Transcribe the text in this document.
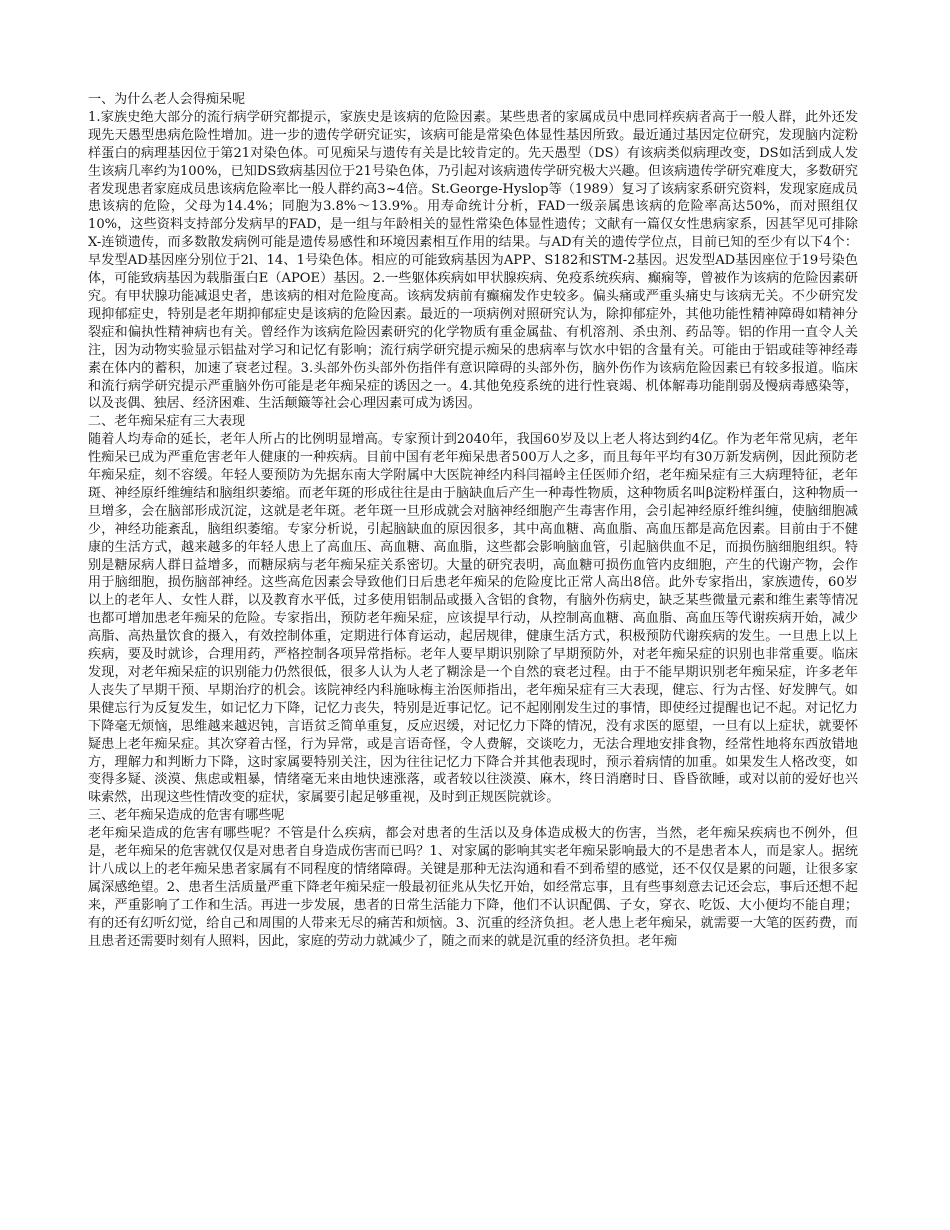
一、为什么老人会得痴呆呢

1.家族史绝大部分的流行病学研究都提示，家族史是该病的危险因素。某些患者的家属成员中患同样疾病者高于一般人群，此外还发现先天愚型患病危险性增加。进一步的遗传学研究证实，该病可能是常染色体显性基因所致。最近通过基因定位研究，发现脑内淀粉样蛋白的病理基因位于第21对染色体。可见痴呆与遗传有关是比较肯定的。先天愚型（DS）有该病类似病理改变，DS如活到成人发生该病几率约为100%，已知DS致病基因位于21号染色体，乃引起对该病遗传学研究极大兴趣。但该病遗传学研究难度大，多数研究者发现患者家庭成员患该病危险率比一般人群约高3~4倍。St.George-Hyslop等（1989）复习了该病家系研究资料，发现家庭成员患该病的危险，父母为14.4%；同胞为3.8%～13.9%。用寿命统计分析，FAD一级亲属患该病的危险率高达50%，而对照组仅10%，这些资料支持部分发病早的FAD，是一组与年龄相关的显性常染色体显性遗传；文献有一篇仅女性患病家系，因甚罕见可排除X-连锁遗传，而多数散发病例可能是遗传易感性和环境因素相互作用的结果。与AD有关的遗传学位点，目前已知的至少有以下4个：早发型AD基因座分别位于2l、14、1号染色体。相应的可能致病基因为APP、S182和STM-2基因。迟发型AD基因座位于19号染色体，可能致病基因为载脂蛋白E（APOE）基因。2.一些躯体疾病如甲状腺疾病、免疫系统疾病、癫痫等，曾被作为该病的危险因素研究。有甲状腺功能减退史者，患该病的相对危险度高。该病发病前有癫痫发作史较多。偏头痛或严重头痛史与该病无关。不少研究发现抑郁症史，特别是老年期抑郁症史是该病的危险因素。最近的一项病例对照研究认为，除抑郁症外，其他功能性精神障碍如精神分裂症和偏执性精神病也有关。曾经作为该病危险因素研究的化学物质有重金属盐、有机溶剂、杀虫剂、药品等。铝的作用一直令人关注，因为动物实验显示铝盐对学习和记忆有影响；流行病学研究提示痴呆的患病率与饮水中铝的含量有关。可能由于铝或硅等神经毒素在体内的蓄积，加速了衰老过程。3.头部外伤头部外伤指伴有意识障碍的头部外伤，脑外伤作为该病危险因素已有较多报道。临床和流行病学研究提示严重脑外伤可能是老年痴呆症的诱因之一。4.其他免疫系统的进行性衰竭、机体解毒功能削弱及慢病毒感染等，以及丧偶、独居、经济困难、生活颠簸等社会心理因素可成为诱因。

二、老年痴呆症有三大表现

随着人均寿命的延长，老年人所占的比例明显增高。专家预计到2040年，我国60岁及以上老人将达到约4亿。作为老年常见病，老年性痴呆已成为严重危害老年人健康的一种疾病。目前中国有老年痴呆患者500万人之多，而且每年平均有30万新发病例，因此预防老年痴呆症，刻不容缓。年轻人要预防为先据东南大学附属中大医院神经内科闫福岭主任医师介绍，老年痴呆症有三大病理特征，老年斑、神经原纤维缠结和脑组织萎缩。而老年斑的形成往往是由于脑缺血后产生一种毒性物质，这种物质名叫β淀粉样蛋白，这种物质一旦增多，会在脑部形成沉淀，这就是老年斑。老年斑一旦形成就会对脑神经细胞产生毒害作用，会引起神经原纤维纠缠，使脑细胞减少，神经功能紊乱，脑组织萎缩。专家分析说，引起脑缺血的原因很多，其中高血糖、高血脂、高血压都是高危因素。目前由于不健康的生活方式，越来越多的年轻人患上了高血压、高血糖、高血脂，这些都会影响脑血管，引起脑供血不足，而损伤脑细胞组织。特别是糖尿病人群日益增多，而糖尿病与老年痴呆症关系密切。大量的研究表明，高血糖可损伤血管内皮细胞，产生的代谢产物，会作用于脑细胞，损伤脑部神经。这些高危因素会导致他们日后患老年痴呆的危险度比正常人高出8倍。此外专家指出，家族遗传，60岁以上的老年人、女性人群，以及教育水平低，过多使用铝制品或摄入含铝的食物，有脑外伤病史，缺乏某些微量元素和维生素等情况也都可增加患老年痴呆的危险。专家指出，预防老年痴呆症，应该提早行动，从控制高血糖、高血脂、高血压等代谢疾病开始，减少高脂、高热量饮食的摄入，有效控制体重，定期进行体育运动，起居规律，健康生活方式，积极预防代谢疾病的发生。一旦患上以上疾病，要及时就诊，合理用药，严格控制各项异常指标。老年人要早期识别除了早期预防外，对老年痴呆症的识别也非常重要。临床发现，对老年痴呆症的识别能力仍然很低，很多人认为人老了糊涂是一个自然的衰老过程。由于不能早期识别老年痴呆症，许多老年人丧失了早期干预、早期治疗的机会。该院神经内科施咏梅主治医师指出，老年痴呆症有三大表现，健忘、行为古怪、好发脾气。如果健忘行为反复发生，如记忆力下降，记忆力丧失，特别是近事记忆。记不起刚刚发生过的事情，即使经过提醒也记不起。对记忆力下降毫无烦恼，思维越来越迟钝，言语贫乏简单重复，反应迟缓，对记忆力下降的情况，没有求医的愿望，一旦有以上症状，就要怀疑患上老年痴呆症。其次穿着古怪，行为异常，或是言语奇怪，令人费解，交谈吃力，无法合理地安排食物，经常性地将东西放错地方，理解力和判断力下降，这时家属要特别关注，因为往往记忆力下降合并其他表现时，预示着病情的加重。如果发生人格改变，如变得多疑、淡漠、焦虑或粗暴，情绪毫无来由地快速涨落，或者较以往淡漠、麻木，终日消磨时日、昏昏欲睡，或对以前的爱好也兴味索然，出现这些性情改变的症状，家属要引起足够重视，及时到正规医院就诊。

三、老年痴呆造成的危害有哪些呢

老年痴呆造成的危害有哪些呢？不管是什么疾病，都会对患者的生活以及身体造成极大的伤害，当然，老年痴呆疾病也不例外，但是，老年痴呆的危害就仅仅是对患者自身造成伤害而已吗？1、对家属的影响其实老年痴呆影响最大的不是患者本人，而是家人。据统计八成以上的老年痴呆患者家属有不同程度的情绪障碍。关键是那种无法沟通和看不到希望的感觉，还不仅仅是累的问题，让很多家属深感绝望。2、患者生活质量严重下降老年痴呆症一般最初征兆从失忆开始，如经常忘事，且有些事刻意去记还会忘，事后还想不起来，严重影响了工作和生活。再进一步发展，患者的日常生活能力下降，他们不认识配偶、子女，穿衣、吃饭、大小便均不能自理；有的还有幻听幻觉，给自己和周围的人带来无尽的痛苦和烦恼。3、沉重的经济负担。老人患上老年痴呆，就需要一大笔的医药费，而且患者还需要时刻有人照料，因此，家庭的劳动力就减少了，随之而来的就是沉重的经济负担。老年痴
